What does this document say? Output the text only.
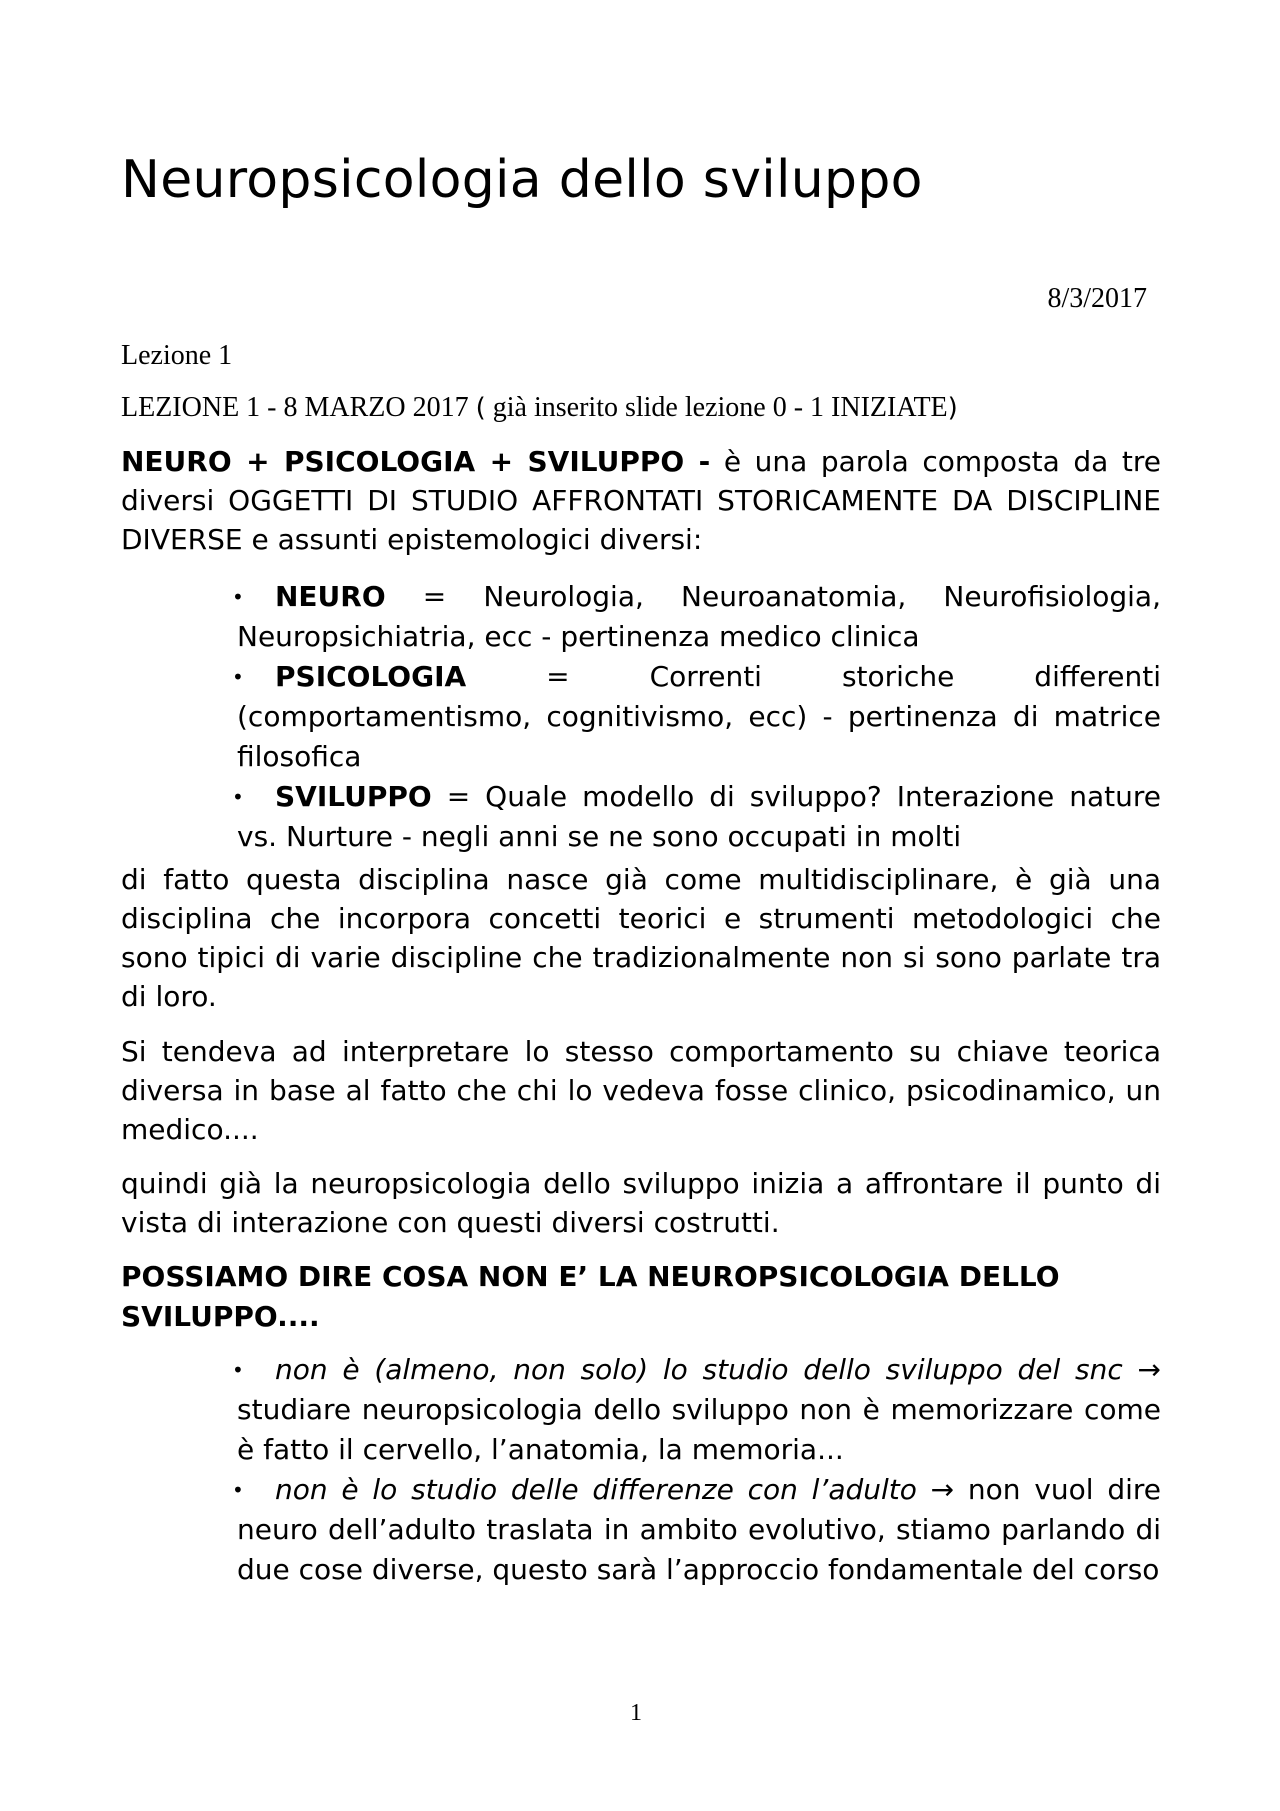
Neuropsicologia dello sviluppo
8/3/2017
Lezione 1
LEZIONE 1 - 8 MARZO 2017 ( già inserito slide lezione 0 - 1 INIZIATE)

NEURO + PSICOLOGIA + SVILUPPO - è una parola composta da tre diversi OGGETTI DI STUDIO AFFRONTATI STORICAMENTE DA DISCIPLINE DIVERSE e assunti epistemologici diversi:

• NEURO = Neurologia, Neuroanatomia, Neurofisiologia, Neuropsichiatria, ecc - pertinenza medico clinica
• PSICOLOGIA = Correnti storiche differenti (comportamentismo, cognitivismo, ecc) - pertinenza di matrice filosofica
• SVILUPPO = Quale modello di sviluppo? Interazione nature vs. Nurture - negli anni se ne sono occupati in molti

di fatto questa disciplina nasce già come multidisciplinare, è già una disciplina che incorpora concetti teorici e strumenti metodologici che sono tipici di varie discipline che tradizionalmente non si sono parlate tra di loro.

Si tendeva ad interpretare lo stesso comportamento su chiave teorica diversa in base al fatto che chi lo vedeva fosse clinico, psicodinamico, un medico....

quindi già la neuropsicologia dello sviluppo inizia a affrontare il punto di vista di interazione con questi diversi costrutti.

POSSIAMO DIRE COSA NON E’ LA NEUROPSICOLOGIA DELLO SVILUPPO....
• non è (almeno, non solo) lo studio dello sviluppo del snc → studiare neuropsicologia dello sviluppo non è memorizzare come è fatto il cervello, l’anatomia, la memoria...
• non è lo studio delle differenze con l’adulto → non vuol dire neuro dell’adulto traslata in ambito evolutivo, stiamo parlando di due cose diverse, questo sarà l’approccio fondamentale del corso
1
